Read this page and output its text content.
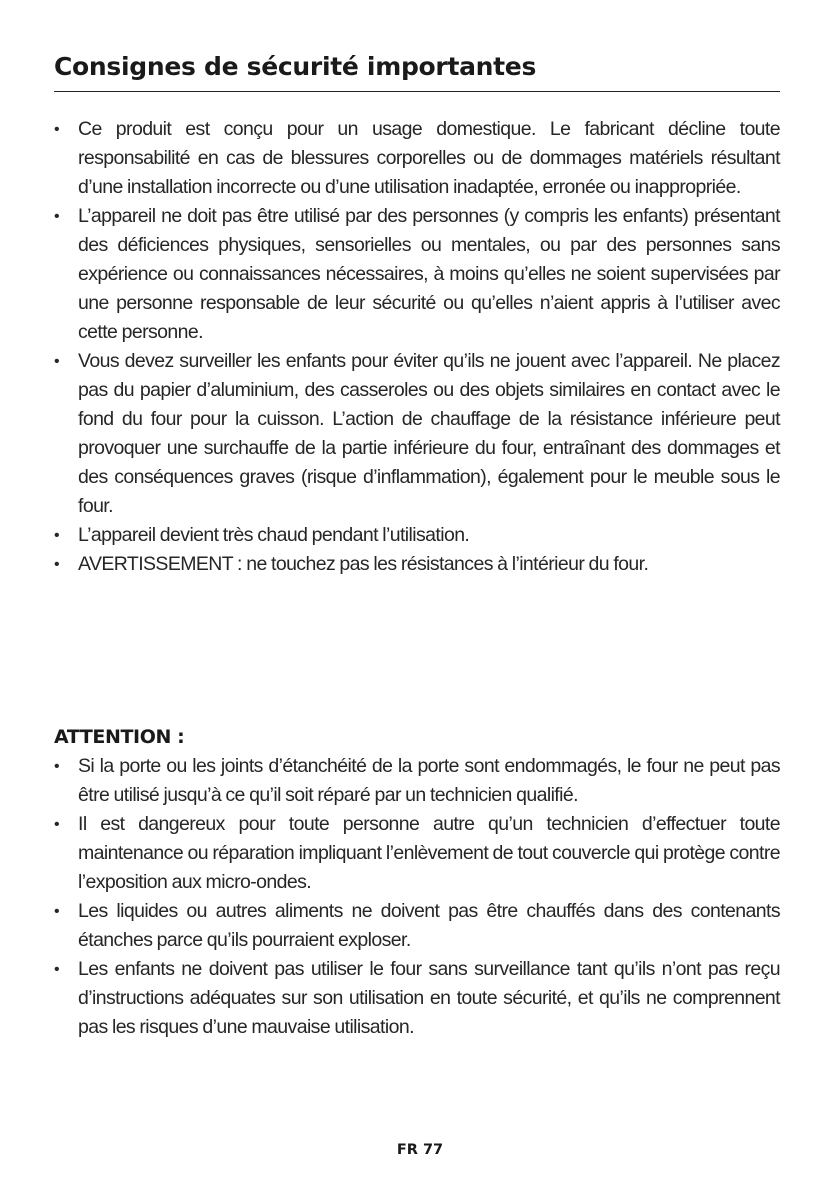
Consignes de sécurité importantes
• Ce produit est conçu pour un usage domestique. Le fabricant décline toute responsabilité en cas de blessures corporelles ou de dommages matériels résultant d’une installation incorrecte ou d’une utilisation inadaptée, erronée ou inappropriée.
• L’appareil ne doit pas être utilisé par des personnes (y compris les enfants) présentant des déficiences physiques, sensorielles ou mentales, ou par des personnes sans expérience ou connaissances nécessaires, à moins qu’elles ne soient supervisées par une personne responsable de leur sécurité ou qu’elles n’aient appris à l’utiliser avec cette personne.
• Vous devez surveiller les enfants pour éviter qu’ils ne jouent avec l’appareil. Ne placez pas du papier d’aluminium, des casseroles ou des objets similaires en contact avec le fond du four pour la cuisson. L’action de chauffage de la résistance inférieure peut provoquer une surchauffe de la partie inférieure du four, entraînant des dommages et des conséquences graves (risque d’inflammation), également pour le meuble sous le four.
• L’appareil devient très chaud pendant l’utilisation.
• AVERTISSEMENT : ne touchez pas les résistances à l’intérieur du four.
ATTENTION :
• Si la porte ou les joints d’étanchéité de la porte sont endommagés, le four ne peut pas être utilisé jusqu’à ce qu’il soit réparé par un technicien qualifié.
• Il est dangereux pour toute personne autre qu’un technicien d’effectuer toute maintenance ou réparation impliquant l’enlèvement de tout couvercle qui protège contre l’exposition aux micro-ondes.
• Les liquides ou autres aliments ne doivent pas être chauffés dans des contenants étanches parce qu’ils pourraient exploser.
• Les enfants ne doivent pas utiliser le four sans surveillance tant qu’ils n’ont pas reçu d’instructions adéquates sur son utilisation en toute sécurité, et qu’ils ne comprennent pas les risques d’une mauvaise utilisation.
FR 77
